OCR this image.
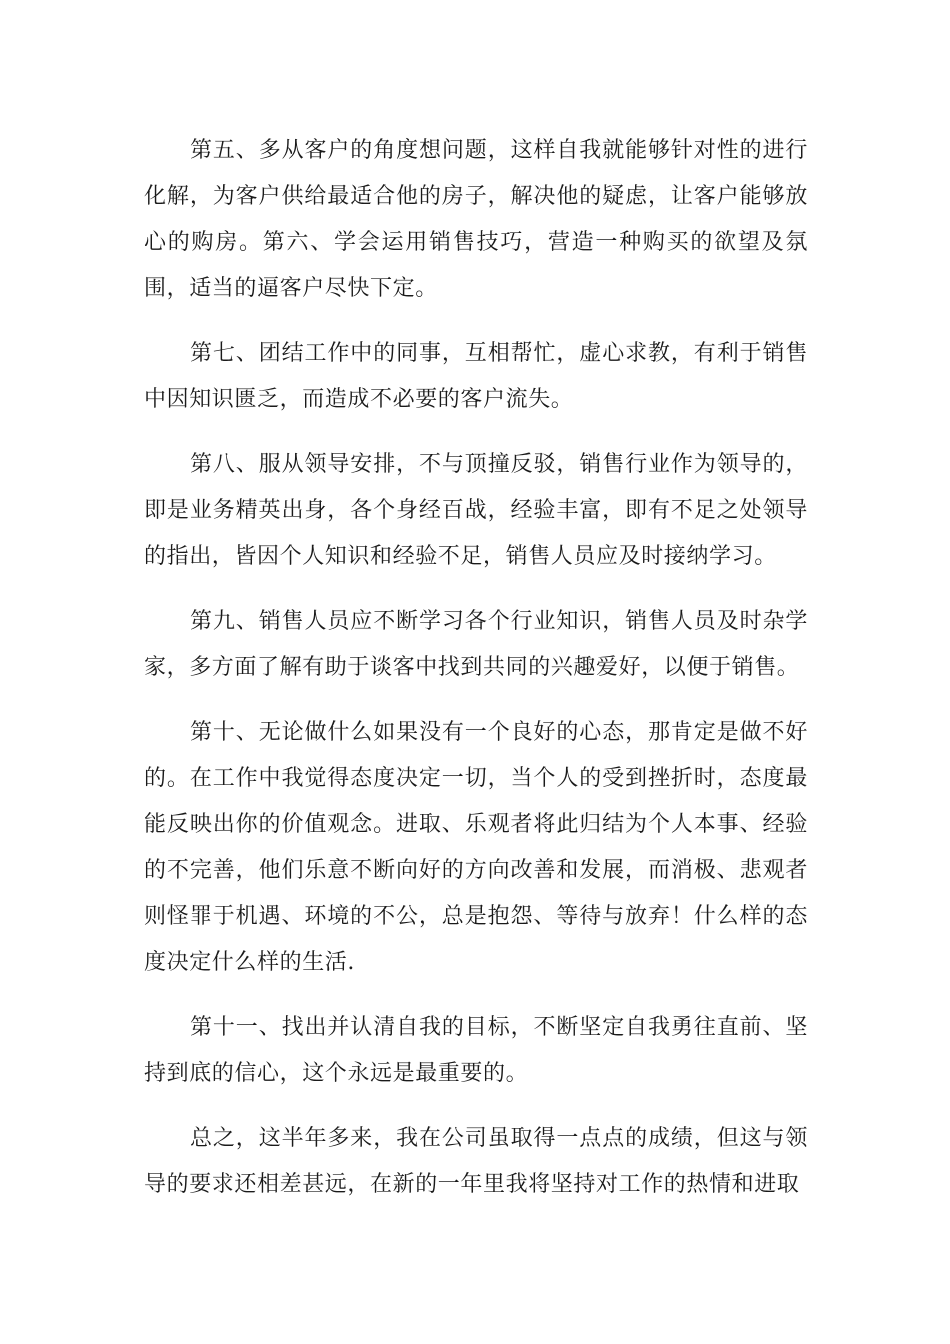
第五、多从客户的角度想问题，这样自我就能够针对性的进行化解，为客户供给最适合他的房子，解决他的疑虑，让客户能够放心的购房。第六、学会运用销售技巧，营造一种购买的欲望及氛围，适当的逼客户尽快下定。

第七、团结工作中的同事，互相帮忙，虚心求教，有利于销售中因知识匮乏，而造成不必要的客户流失。

第八、服从领导安排，不与顶撞反驳，销售行业作为领导的，即是业务精英出身，各个身经百战，经验丰富，即有不足之处领导的指出，皆因个人知识和经验不足，销售人员应及时接纳学习。

第九、销售人员应不断学习各个行业知识，销售人员及时杂学家，多方面了解有助于谈客中找到共同的兴趣爱好，以便于销售。

第十、无论做什么如果没有一个良好的心态，那肯定是做不好的。在工作中我觉得态度决定一切，当个人的受到挫折时，态度最能反映出你的价值观念。进取、乐观者将此归结为个人本事、经验的不完善，他们乐意不断向好的方向改善和发展，而消极、悲观者则怪罪于机遇、环境的不公，总是抱怨、等待与放弃！什么样的态度决定什么样的生活.

第十一、找出并认清自我的目标，不断坚定自我勇往直前、坚持到底的信心，这个永远是最重要的。

总之，这半年多来，我在公司虽取得一点点的成绩，但这与领导的要求还相差甚远，在新的一年里我将坚持对工作的热情和进取
